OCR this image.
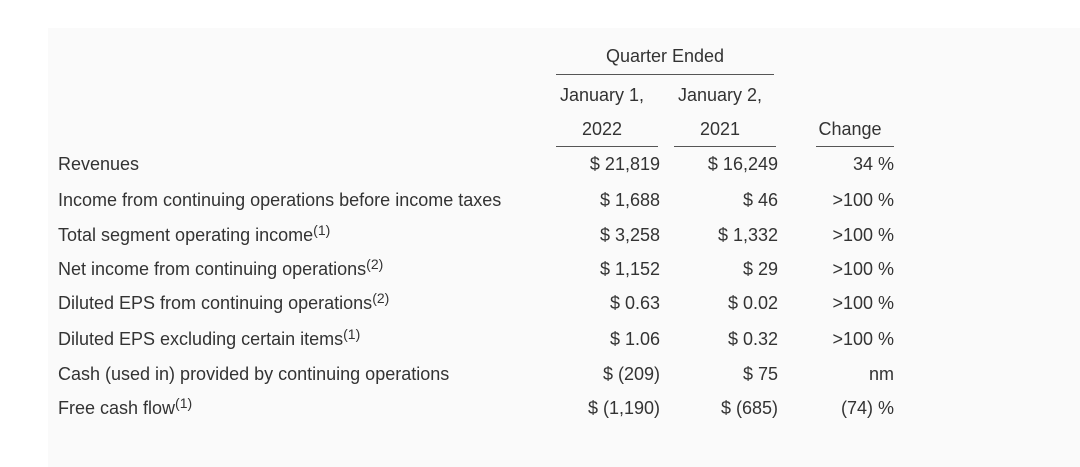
Quarter Ended
January 1,	January 2,
2022	2021	Change
Revenues	$ 21,819	$ 16,249	34 %
Income from continuing operations before income taxes	$ 1,688	$ 46	>100 %
Total segment operating income$^{(1)}$	$ 3,258	$ 1,332	>100 %
Net income from continuing operations$^{(2)}$	$ 1,152	$ 29	>100 %
Diluted EPS from continuing operations$^{(2)}$	$ 0.63	$ 0.02	>100 %
Diluted EPS excluding certain items$^{(1)}$	$ 1.06	$ 0.32	>100 %
Cash (used in) provided by continuing operations	$ (209)	$ 75	nm
Free cash flow$^{(1)}$	$ (1,190)	$ (685)	(74) %
